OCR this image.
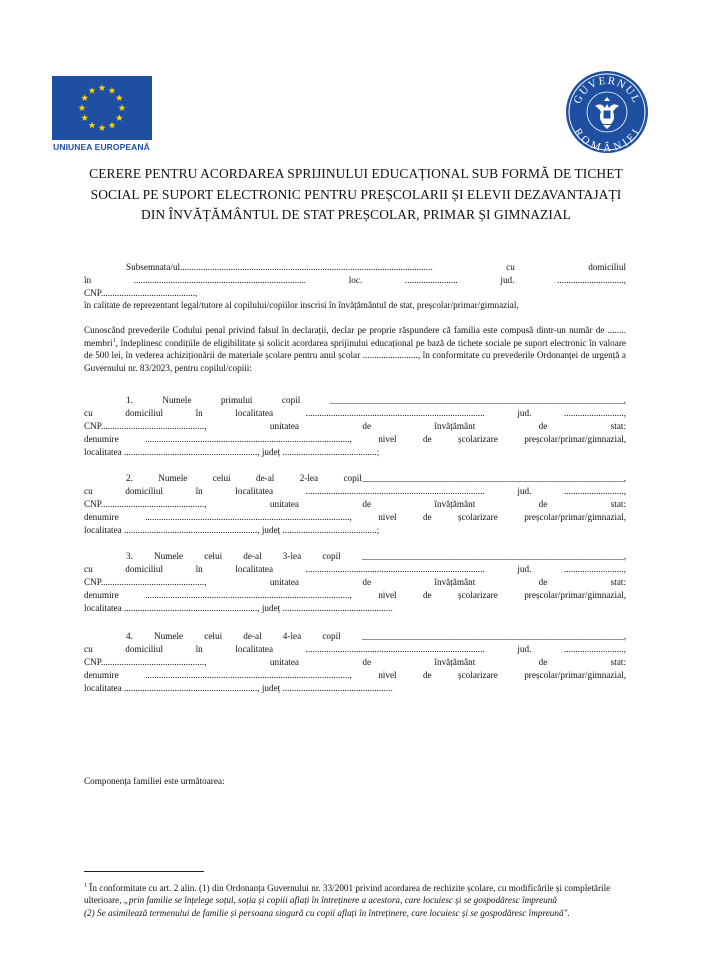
UNIUNEA EUROPEANĂ
GUVERNUL
ROMÂNIEI
CERERE PENTRU ACORDAREA SPRIJINULUI EDUCAȚIONAL SUB FORMĂ DE TICHET SOCIAL PE SUPORT ELECTRONIC PENTRU PREȘCOLARII ȘI ELEVII DEZAVANTAJAȚI DIN ÎNVĂȚĂMÂNTUL DE STAT PREȘCOLAR, PRIMAR ȘI GIMNAZIAL
Subsemnata/ul.............................................................................................................. cu domiciliul
în ........................................................................... loc. ....................... jud. .............................,
CNP.........................................,
în calitate de reprezentant legal/tutore al copilului/copiilor inscrisi în învățământul de stat, preșcolar/primar/gimnazial,
Cunoscând prevederile Codului penal privind falsul în declarații, declar pe proprie răspundere că familia este compusă dintr-un număr de ........ membri$^1$, îndeplinesc condițiile de eligibilitate și solicit acordarea sprijinului educațional pe bază de tichete sociale pe suport electronic în valoare de 500 lei, în vederea achiziționării de materiale școlare pentru anul școlar ........................, în conformitate cu prevederile Ordonanței de urgență a Guvernului nr. 83/2023, pentru copilul/copiii:
1. Numele primului copil ________________________________________________________________,
cu domiciliul în localitatea .............................................................................. jud. ..........................,
CNP............................................., unitatea de învățământ de stat:
denumire ........................................................................................., nivel de școlarizare preșcolar/primar/gimnazial,
localitatea .........................................................., județ .........................................;
2. Numele celui de-al 2-lea copil_________________________________________________________,
cu domiciliul în localitatea .............................................................................. jud. ..........................,
CNP............................................., unitatea de învățământ de stat:
denumire ........................................................................................., nivel de școlarizare preșcolar/primar/gimnazial,
localitatea .........................................................., județ .........................................;
3. Numele celui de-al 3-lea copil _________________________________________________________,
cu domiciliul în localitatea .............................................................................. jud. ..........................,
CNP............................................., unitatea de învățământ de stat:
denumire ........................................................................................., nivel de școlarizare preșcolar/primar/gimnazial,
localitatea .........................................................., județ ................................................
4. Numele celui de-al 4-lea copil _________________________________________________________,
cu domiciliul în localitatea .............................................................................. jud. ..........................,
CNP............................................., unitatea de învățământ de stat:
denumire ........................................................................................., nivel de școlarizare preșcolar/primar/gimnazial,
localitatea .........................................................., județ ................................................
Componența familiei este următoarea:
$^1$ În conformitate cu art. 2 alin. (1) din Ordonanța Guvernului nr. 33/2001 privind acordarea de rechizite școlare, cu modificările și completările ulterioare, „prin familie se înțelege soțul, soția și copiii aflați în întreținere a acestora, care locuiesc și se gospodăresc împreună
(2) Se asimilează termenului de familie și persoana singură cu copii aflați în întreținere, care locuiesc și se gospodăresc împreună".
